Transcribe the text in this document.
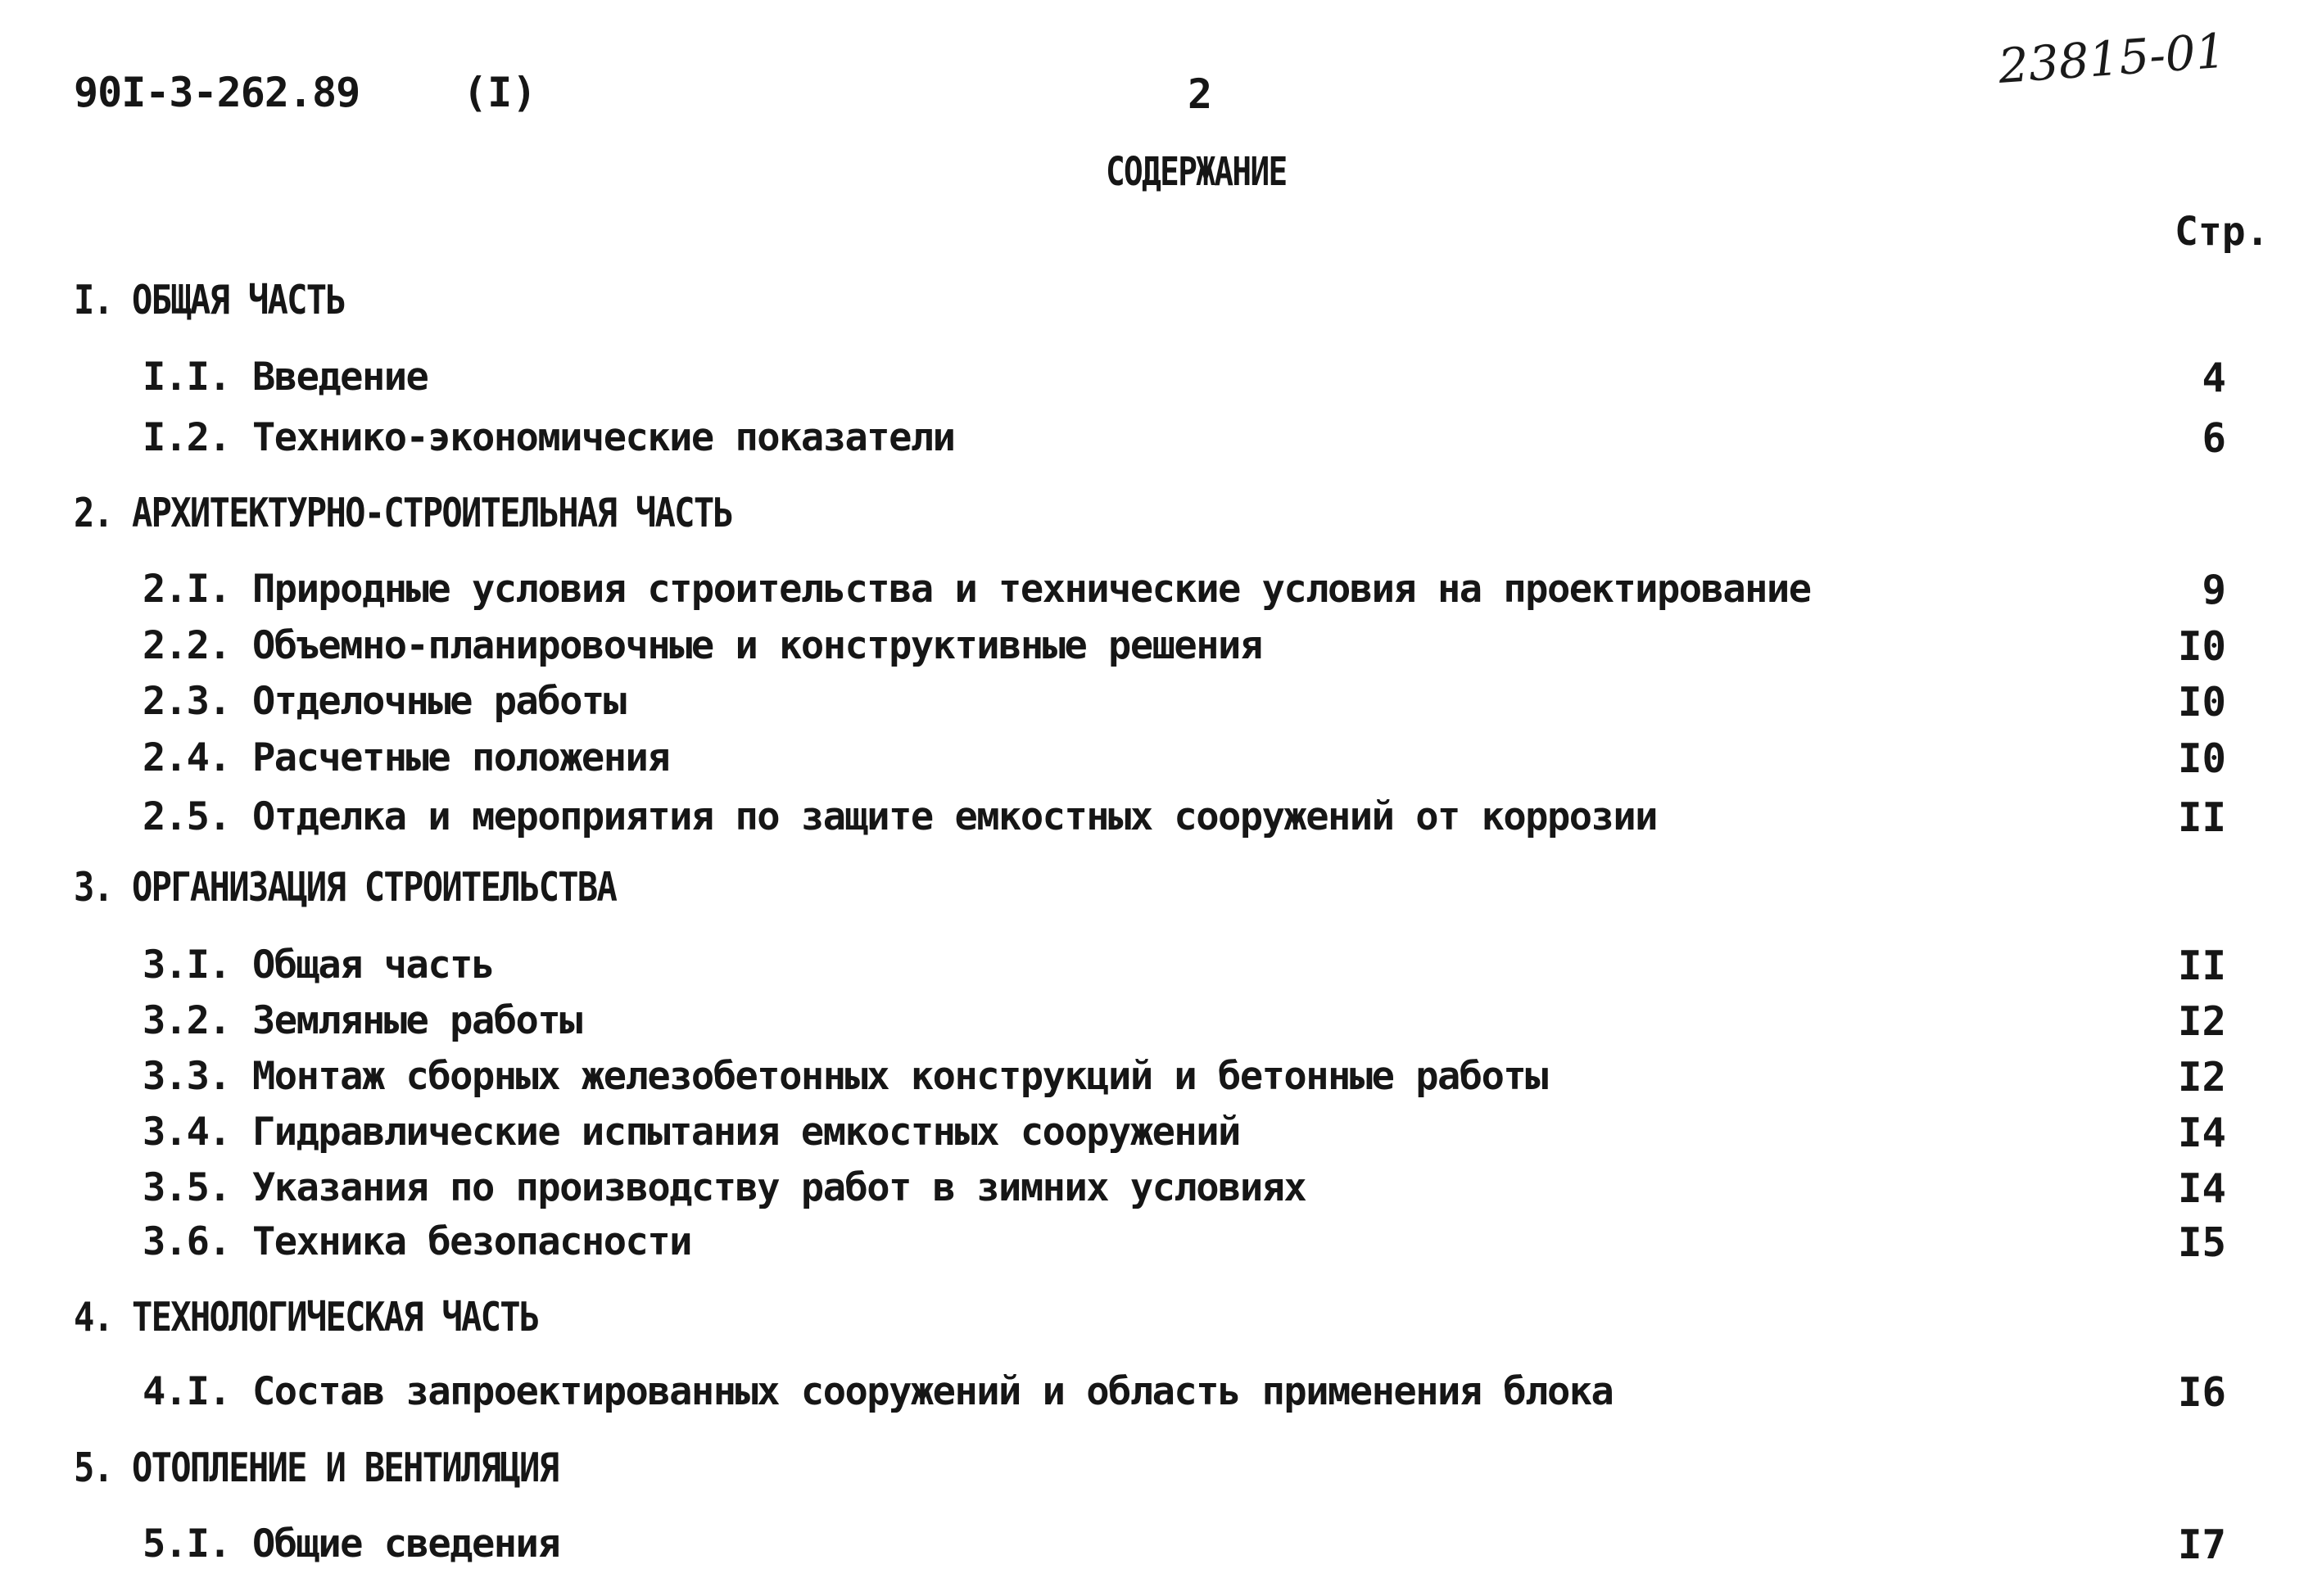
90I-3-262.89	(I)	2
23815-01
СОДЕРЖАНИЕ
Стр.
I. ОБЩАЯ ЧАСТЬ
I.I. Введение	4
I.2. Технико-экономические показатели	6
2. АРХИТЕКТУРНО-СТРОИТЕЛЬНАЯ ЧАСТЬ
2.I. Природные условия строительства и технические условия на проектирование	9
2.2. Объемно-планировочные и конструктивные решения	I0
2.3. Отделочные работы	I0
2.4. Расчетные положения	I0
2.5. Отделка и мероприятия по защите емкостных сооружений от коррозии	II
3. ОРГАНИЗАЦИЯ СТРОИТЕЛЬСТВА
3.I. Общая часть	II
3.2. Земляные работы	I2
3.3. Монтаж сборных железобетонных конструкций и бетонные работы	I2
3.4. Гидравлические испытания емкостных сооружений	I4
3.5. Указания по производству работ в зимних условиях	I4
3.6. Техника безопасности	I5
4. ТЕХНОЛОГИЧЕСКАЯ ЧАСТЬ
4.I. Состав запроектированных сооружений и область применения блока	I6
5. ОТОПЛЕНИЕ И ВЕНТИЛЯЦИЯ
5.I. Общие сведения	I7
